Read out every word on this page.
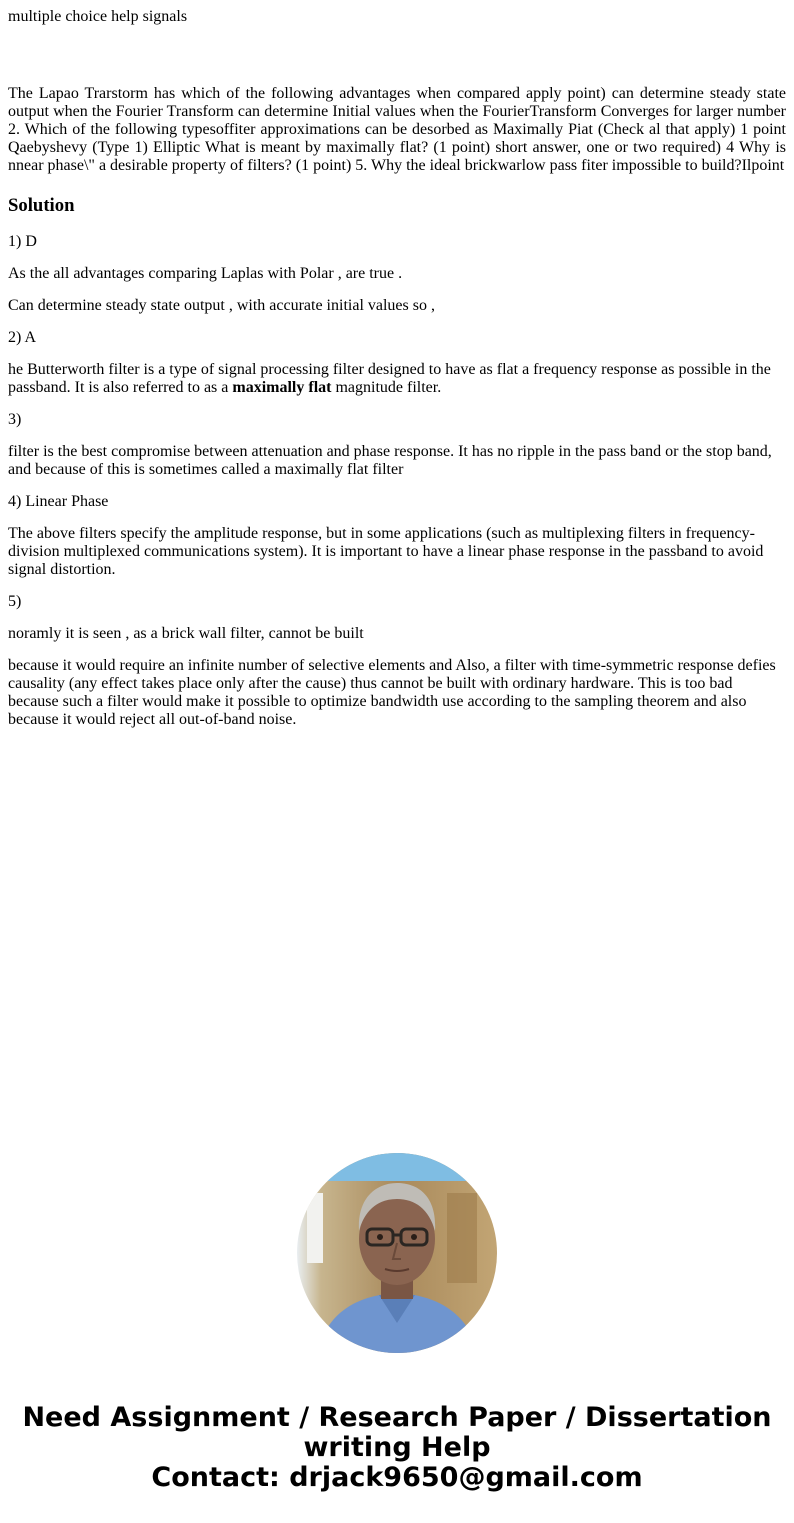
multiple choice help signals

The Lapao Trarstorm has which of the following advantages when compared apply point) can determine steady state output when the Fourier Transform can determine Initial values when the FourierTransform Converges for larger number 2. Which of the following typesoffiter approximations can be desorbed as Maximally Piat (Check al that apply) 1 point Qaebyshevy (Type 1) Elliptic What is meant by maximally flat? (1 point) short answer, one or two required) 4 Why is nnear phase\" a desirable property of filters? (1 point) 5. Why the ideal brickwarlow pass fiter impossible to build?Ilpoint

Solution

1) D

As the all advantages comparing Laplas with Polar , are true .

Can determine steady state output , with accurate initial values so ,

2) A

he Butterworth filter is a type of signal processing filter designed to have as flat a frequency response as possible in the passband. It is also referred to as a maximally flat magnitude filter.

3)

filter is the best compromise between attenuation and phase response. It has no ripple in the pass band or the stop band, and because of this is sometimes called a maximally flat filter

4) Linear Phase

The above filters specify the amplitude response, but in some applications (such as multiplexing filters in frequency-division multiplexed communications system). It is important to have a linear phase response in the passband to avoid signal distortion.

5)

noramly it is seen , as a brick wall filter, cannot be built

because it would require an infinite number of selective elements and Also, a filter with time-symmetric response defies causality (any effect takes place only after the cause) thus cannot be built with ordinary hardware. This is too bad because such a filter would make it possible to optimize bandwidth use according to the sampling theorem and also because it would reject all out-of-band noise.

Need Assignment / Research Paper / Dissertation
writing Help
Contact: drjack9650@gmail.com
